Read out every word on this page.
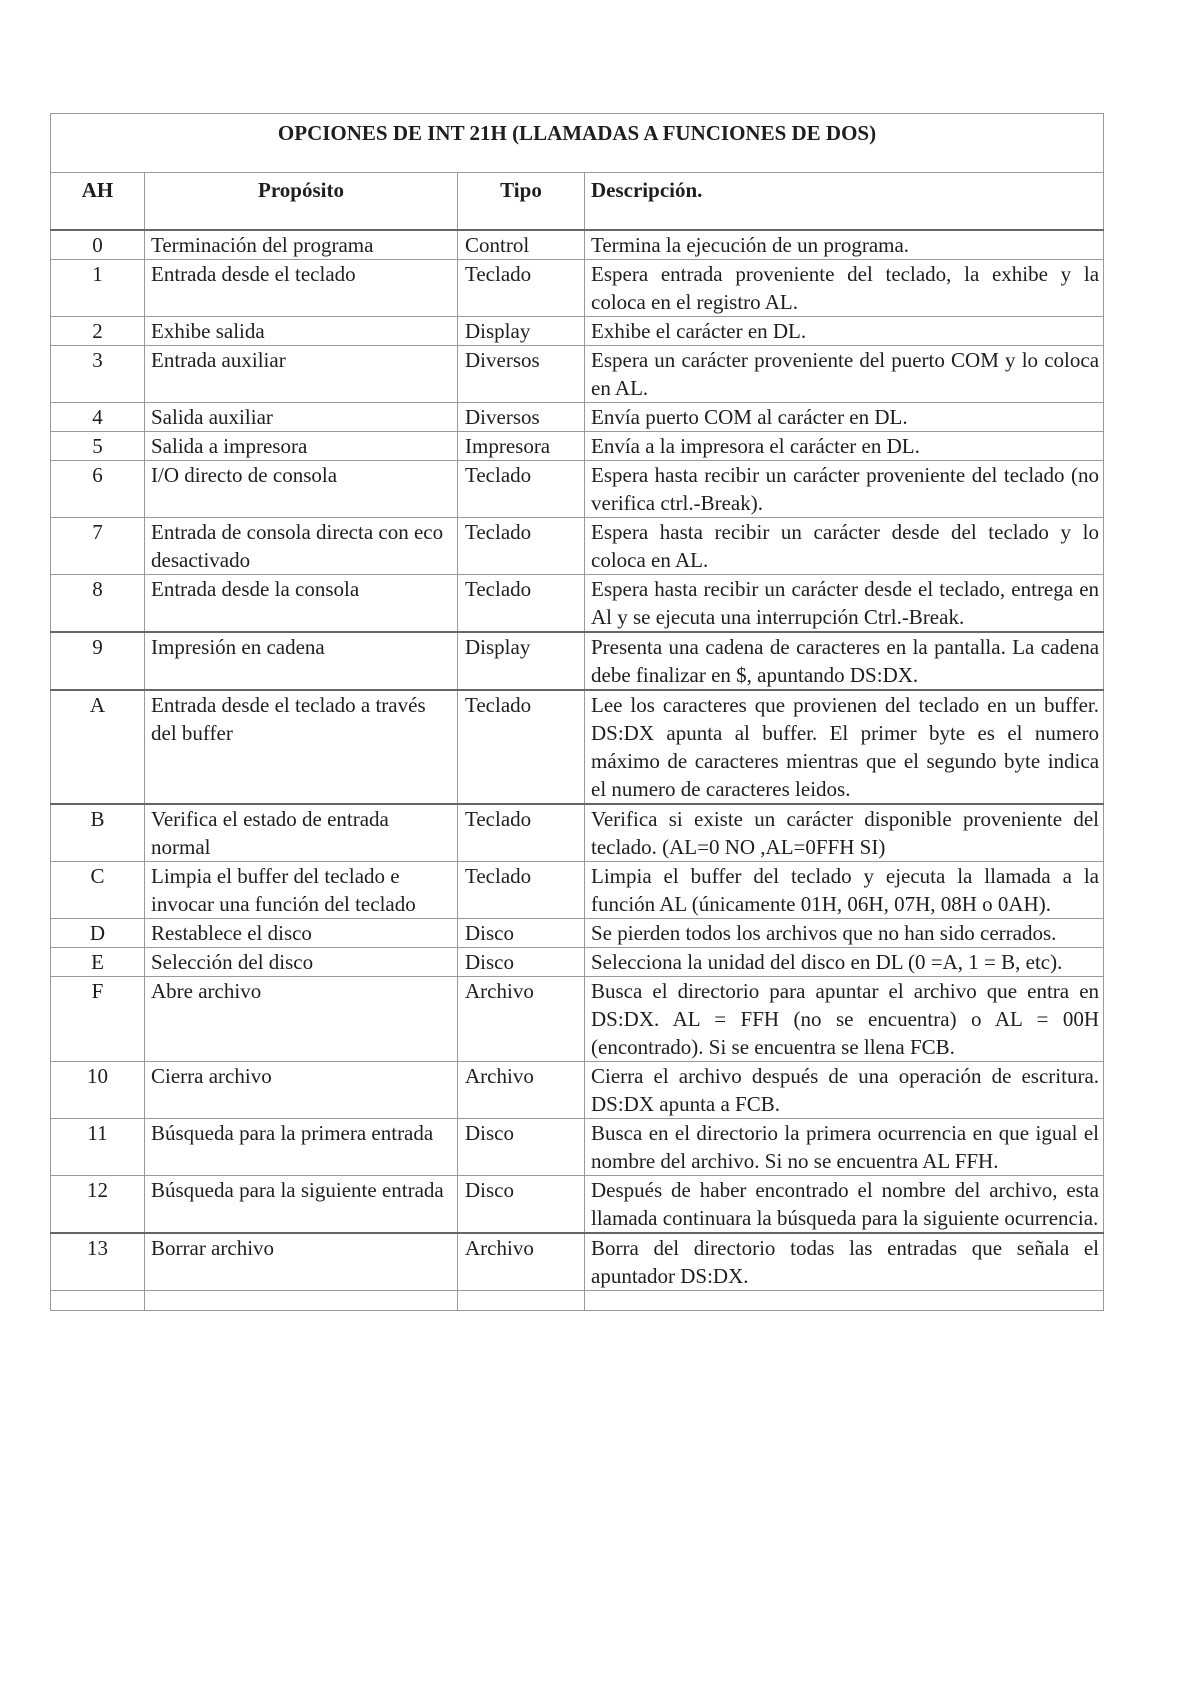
OPCIONES DE INT 21H (LLAMADAS A FUNCIONES DE DOS)			
AH	Propósito	Tipo	Descripción.
0	Terminación del programa	Control	Termina la ejecución de un programa.
1	Entrada desde el teclado	Teclado	Espera entrada proveniente del teclado, la exhibe y la coloca en el registro AL.
2	Exhibe salida	Display	Exhibe el carácter en DL.
3	Entrada auxiliar	Diversos	Espera un carácter proveniente del puerto COM y lo coloca en AL.
4	Salida auxiliar	Diversos	Envía puerto COM al carácter en DL.
5	Salida a impresora	Impresora	Envía a la impresora el carácter en DL.
6	I/O directo de consola	Teclado	Espera hasta recibir un carácter proveniente del teclado (no verifica ctrl.-Break).
7	Entrada de consola directa con eco desactivado	Teclado	Espera hasta recibir un carácter desde del teclado y lo coloca en AL.
8	Entrada desde la consola	Teclado	Espera hasta recibir un carácter desde el teclado, entrega en Al y se ejecuta una interrupción Ctrl.-Break.
9	Impresión en cadena	Display	Presenta una cadena de caracteres en la pantalla. La cadena debe finalizar en $, apuntando DS:DX.
A	Entrada desde el teclado a través del buffer	Teclado	Lee los caracteres que provienen del teclado en un buffer. DS:DX apunta al buffer. El primer byte es el numero máximo de caracteres mientras que el segundo byte indica el numero de caracteres leidos.
B	Verifica el estado de entrada normal	Teclado	Verifica si existe un carácter disponible proveniente del teclado. (AL=0 NO ,AL=0FFH SI)
C	Limpia el buffer del teclado e invocar una función del teclado	Teclado	Limpia el buffer del teclado y ejecuta la llamada a la función AL (únicamente 01H, 06H, 07H, 08H o 0AH).
D	Restablece el disco	Disco	Se pierden todos los archivos que no han sido cerrados.
E	Selección del disco	Disco	Selecciona la unidad del disco en DL (0 =A, 1 = B, etc).
F	Abre archivo	Archivo	Busca el directorio para apuntar el archivo que entra en DS:DX. AL = FFH (no se encuentra) o AL = 00H (encontrado). Si se encuentra se llena FCB.
10	Cierra archivo	Archivo	Cierra el archivo después de una operación de escritura. DS:DX apunta a FCB.
11	Búsqueda para la primera entrada	Disco	Busca en el directorio la primera ocurrencia en que igual el nombre del archivo. Si no se encuentra AL FFH.
12	Búsqueda para la siguiente entrada	Disco	Después de haber encontrado el nombre del archivo, esta llamada continuara la búsqueda para la siguiente ocurrencia.
13	Borrar archivo	Archivo	Borra del directorio todas las entradas que señala el apuntador DS:DX.
